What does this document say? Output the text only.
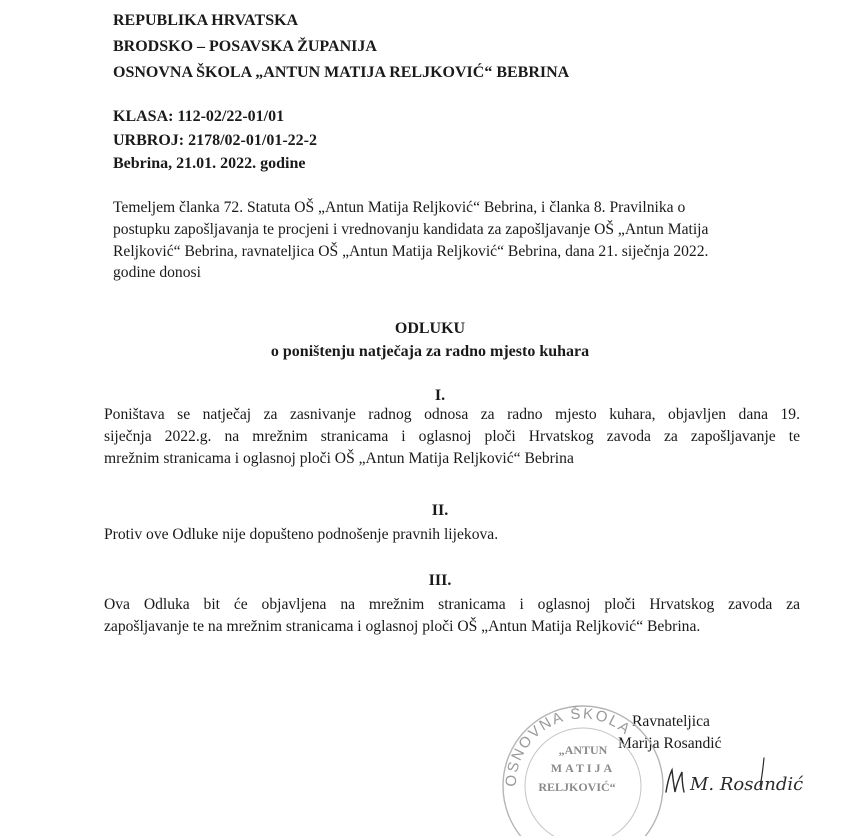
REPUBLIKA HRVATSKA
BRODSKO – POSAVSKA ŽUPANIJA
OSNOVNA ŠKOLA „ANTUN MATIJA RELJKOVIĆ“ BEBRINA
KLASA: 112-02/22-01/01
URBROJ: 2178/02-01/01-22-2
Bebrina, 21.01. 2022. godine
Temeljem članka 72. Statuta OŠ „Antun Matija Reljković“ Bebrina, i članka 8. Pravilnika o
postupku zapošljavanja te procjeni i vrednovanju kandidata za zapošljavanje OŠ „Antun Matija
Reljković“ Bebrina, ravnateljica OŠ „Antun Matija Reljković“ Bebrina, dana 21. siječnja 2022.
godine donosi
ODLUKU
o poništenju natječaja za radno mjesto kuhara
I.
Poništava se natječaj za zasnivanje radnog odnosa za radno mjesto kuhara, objavljen dana 19.
siječnja 2022.g. na mrežnim stranicama i oglasnoj ploči Hrvatskog zavoda za zapošljavanje te
mrežnim stranicama i oglasnoj ploči OŠ „Antun Matija Reljković“ Bebrina
II.
Protiv ove Odluke nije dopušteno podnošenje pravnih lijekova.
III.
Ova Odluka bit će objavljena na mrežnim stranicama i oglasnoj ploči Hrvatskog zavoda za
zapošljavanje te na mrežnim stranicama i oglasnoj ploči OŠ „Antun Matija Reljković“ Bebrina.
Ravnateljica
Marija Rosandić
OSNOVNA ŠKOLA
„ANTUN
MATIJA
RELJKOVIĆ“	M. Rosandić
